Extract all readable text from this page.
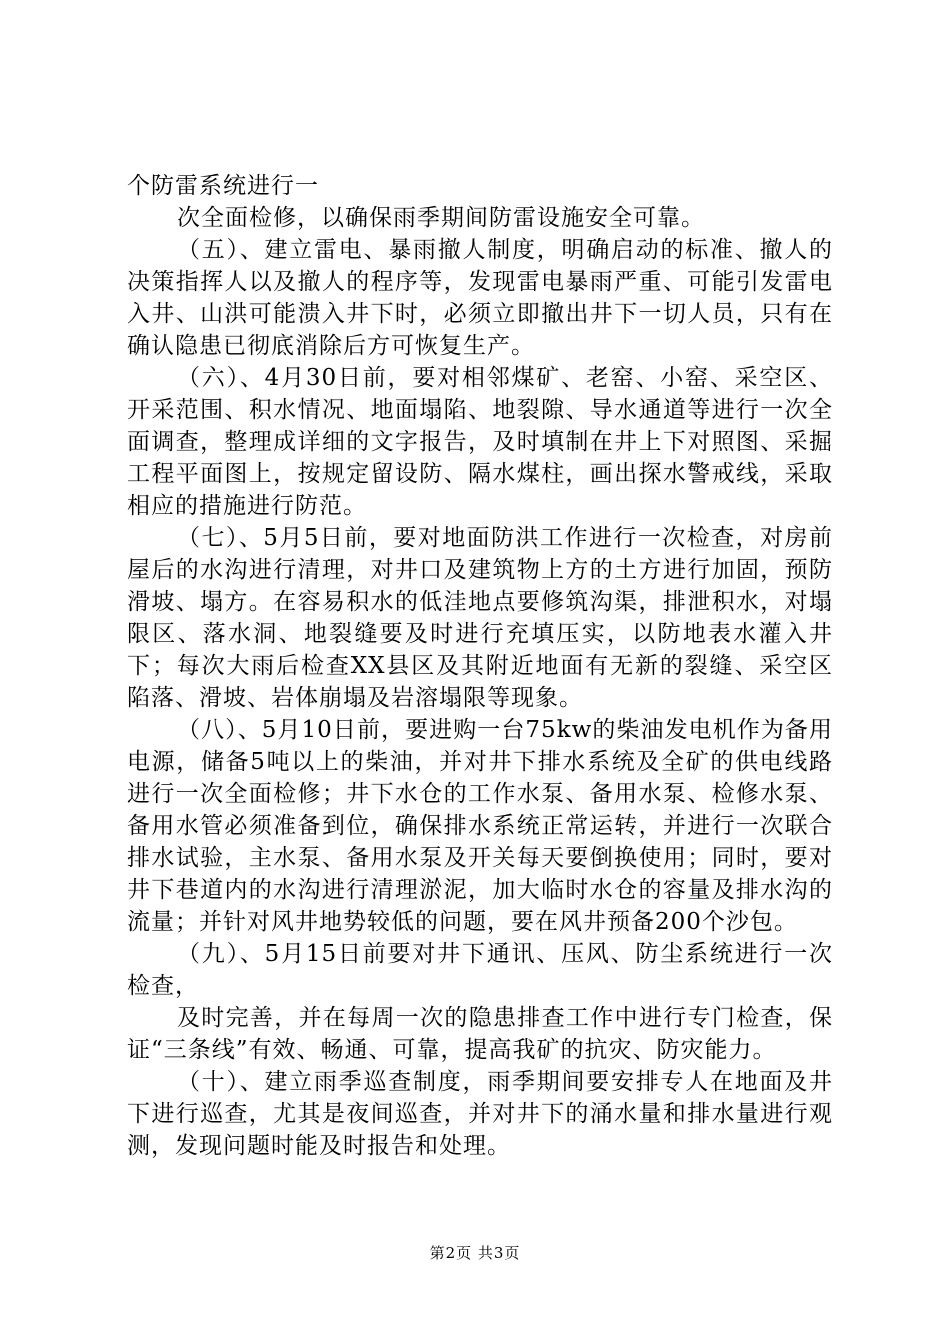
个防雷系统进行一

次全面检修，以确保雨季期间防雷设施安全可靠。

（五）、建立雷电、暴雨撤人制度，明确启动的标准、撤人的决策指挥人以及撤人的程序等，发现雷电暴雨严重、可能引发雷电入井、山洪可能溃入井下时，必须立即撤出井下一切人员，只有在确认隐患已彻底消除后方可恢复生产。

（六）、4月30日前，要对相邻煤矿、老窑、小窑、采空区、开采范围、积水情况、地面塌陷、地裂隙、导水通道等进行一次全面调查，整理成详细的文字报告，及时填制在井上下对照图、采掘工程平面图上，按规定留设防、隔水煤柱，画出探水警戒线，采取相应的措施进行防范。

（七）、5月5日前，要对地面防洪工作进行一次检查，对房前屋后的水沟进行清理，对井口及建筑物上方的土方进行加固，预防滑坡、塌方。在容易积水的低洼地点要修筑沟渠，排泄积水，对塌限区、落水洞、地裂缝要及时进行充填压实，以防地表水灌入井下；每次大雨后检查XX县区及其附近地面有无新的裂缝、采空区陷落、滑坡、岩体崩塌及岩溶塌限等现象。

（八）、5月10日前，要进购一台75kw的柴油发电机作为备用电源，储备5吨以上的柴油，并对井下排水系统及全矿的供电线路进行一次全面检修；井下水仓的工作水泵、备用水泵、检修水泵、备用水管必须准备到位，确保排水系统正常运转，并进行一次联合排水试验，主水泵、备用水泵及开关每天要倒换使用；同时，要对井下巷道内的水沟进行清理淤泥，加大临时水仓的容量及排水沟的流量；并针对风井地势较低的问题，要在风井预备200个沙包。

（九）、5月15日前要对井下通讯、压风、防尘系统进行一次检查，

及时完善，并在每周一次的隐患排查工作中进行专门检查，保证“三条线”有效、畅通、可靠，提高我矿的抗灾、防灾能力。

（十）、建立雨季巡查制度，雨季期间要安排专人在地面及井下进行巡查，尤其是夜间巡查，并对井下的涌水量和排水量进行观测，发现问题时能及时报告和处理。

第2页 共3页
